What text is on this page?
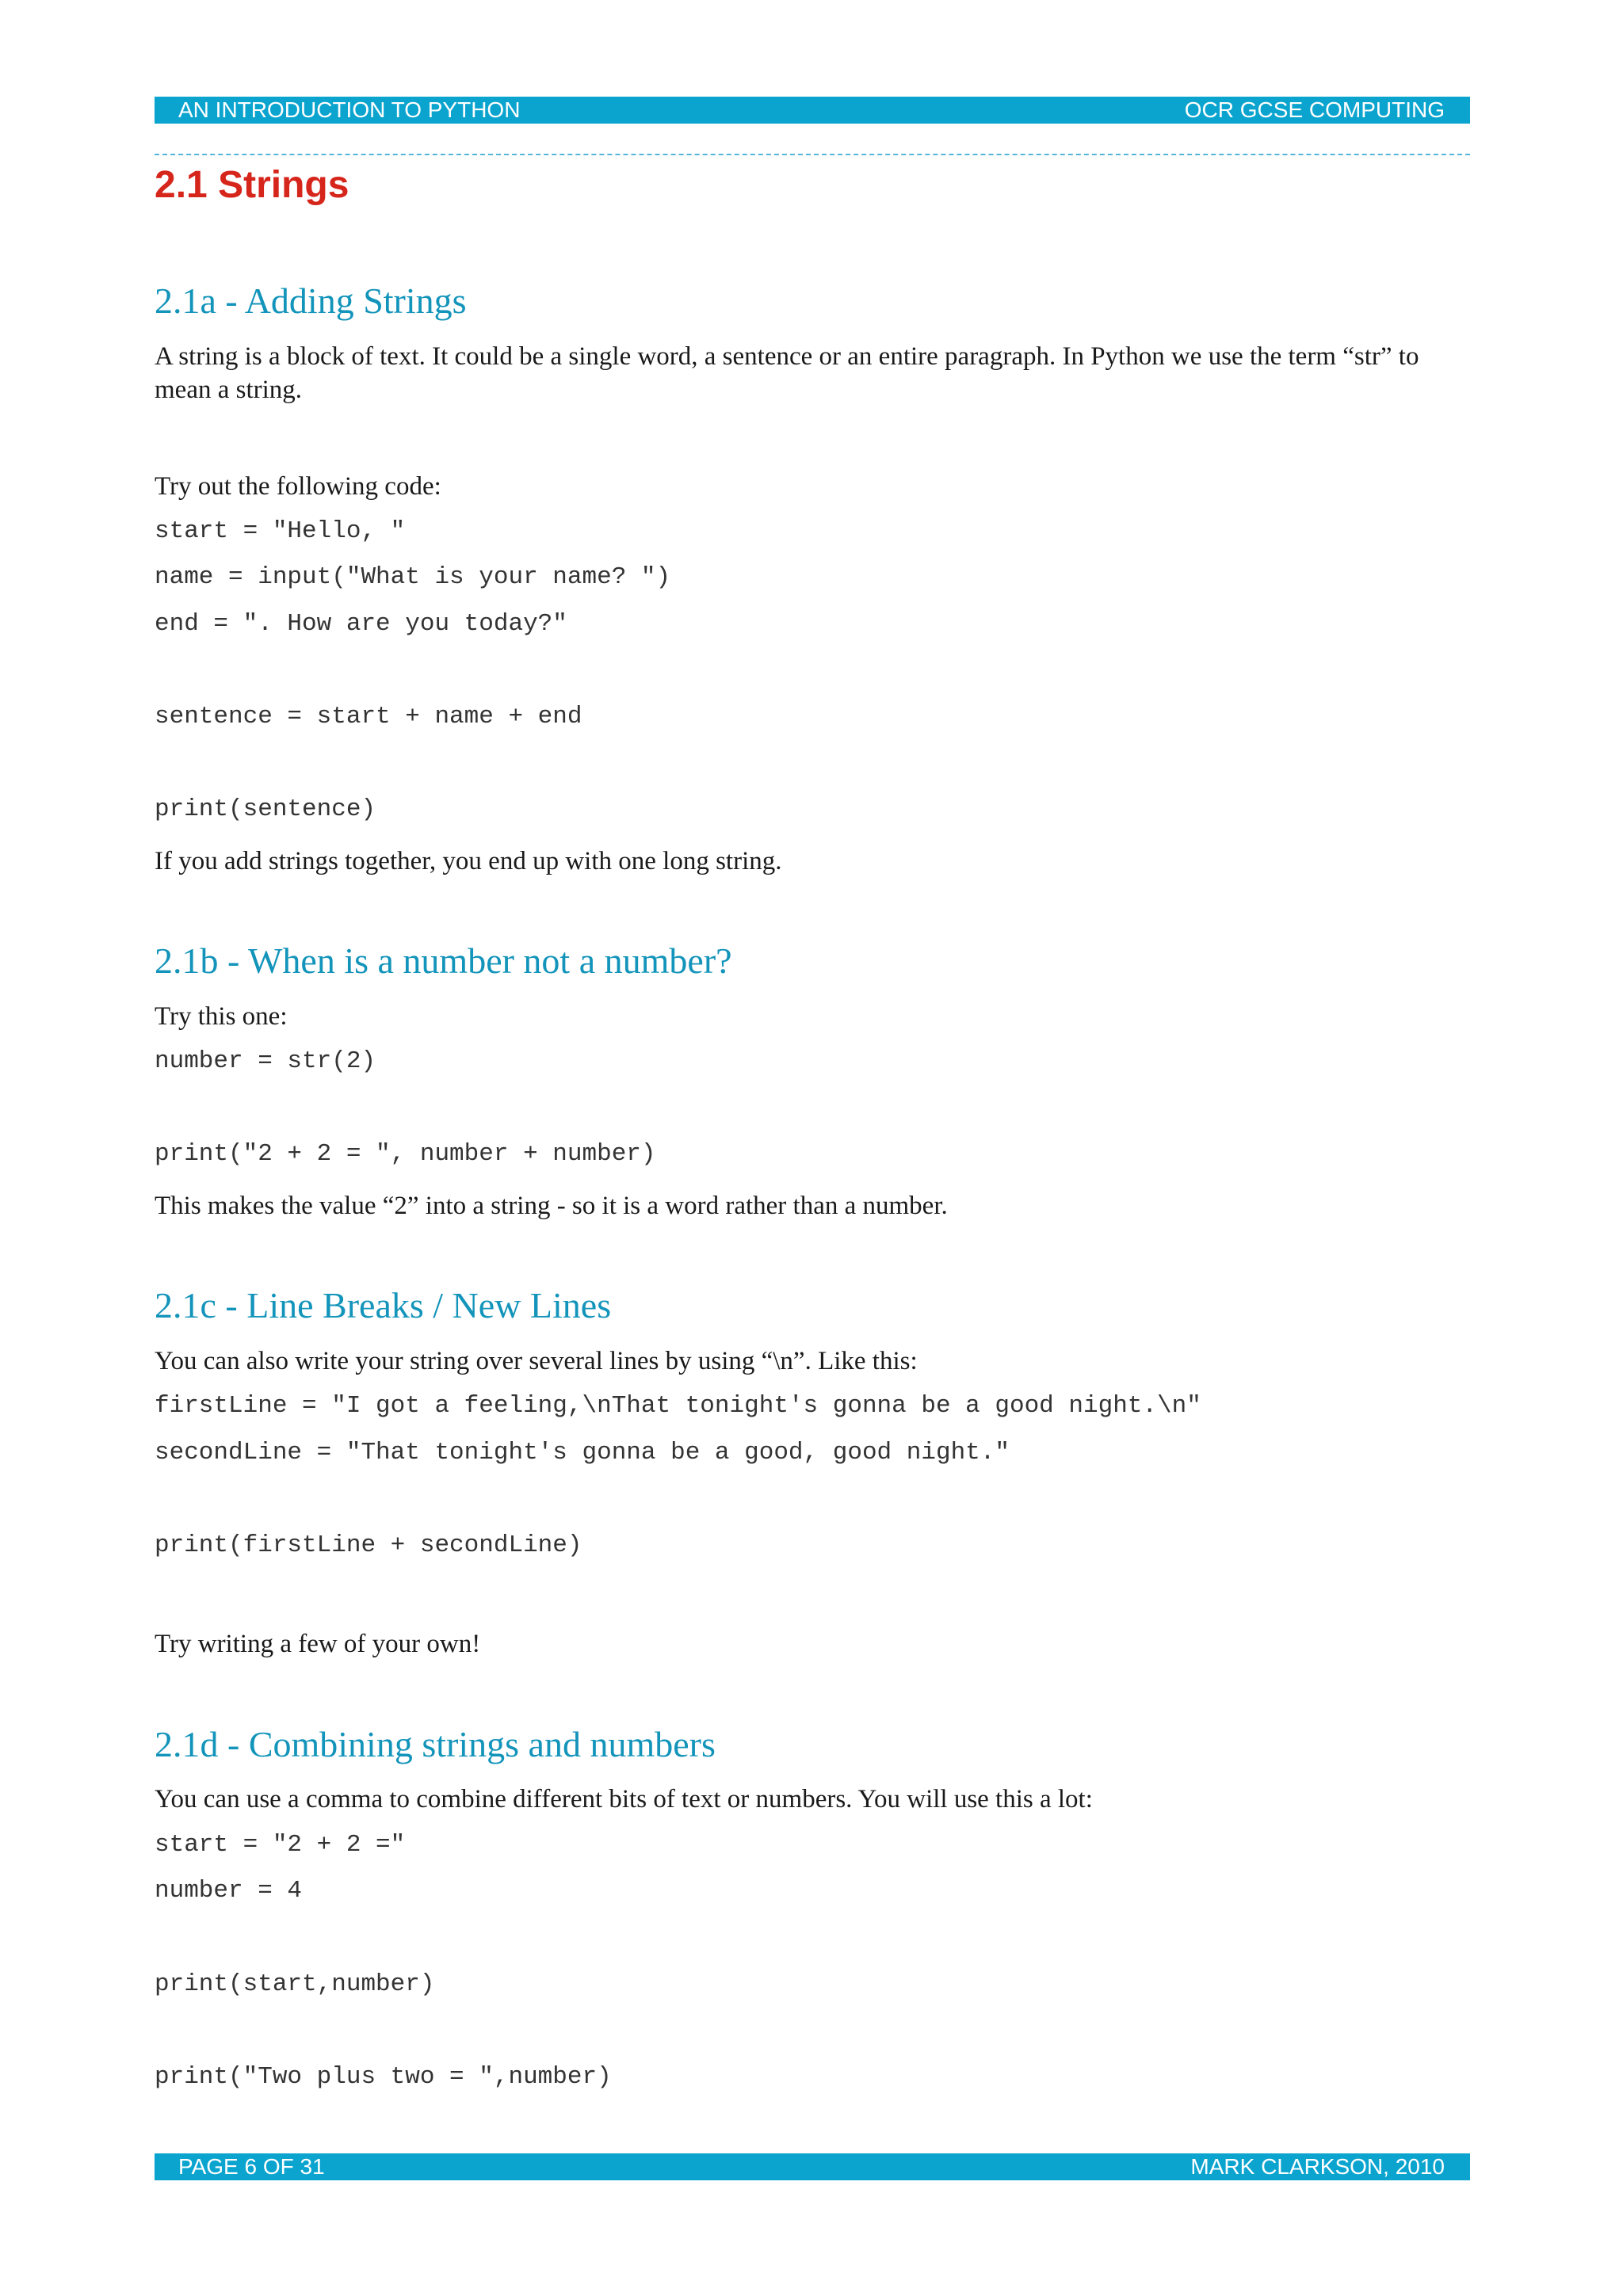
AN INTRODUCTION TO PYTHON	OCR GCSE COMPUTING
2.1 Strings
2.1a - Adding Strings

A string is a block of text. It could be a single word, a sentence or an entire paragraph. In Python we use the term “str” to mean a string.

Try out the following code:

start = "Hello, "
name = input("What is your name? ")
end = ". How are you today?"
sentence = start + name + end
print(sentence)

If you add strings together, you end up with one long string.

2.1b - When is a number not a number?

Try this one:

number = str(2)
print("2 + 2 = ", number + number)

This makes the value “2” into a string - so it is a word rather than a number.

2.1c - Line Breaks / New Lines

You can also write your string over several lines by using “\n”. Like this:

firstLine = "I got a feeling,\nThat tonight's gonna be a good night.\n"
secondLine = "That tonight's gonna be a good, good night."
print(firstLine + secondLine)

Try writing a few of your own!

2.1d - Combining strings and numbers

You can use a comma to combine different bits of text or numbers. You will use this a lot:

start = "2 + 2 ="
number = 4
print(start,number)
print("Two plus two = ",number)
PAGE 6 OF 31	MARK CLARKSON, 2010
